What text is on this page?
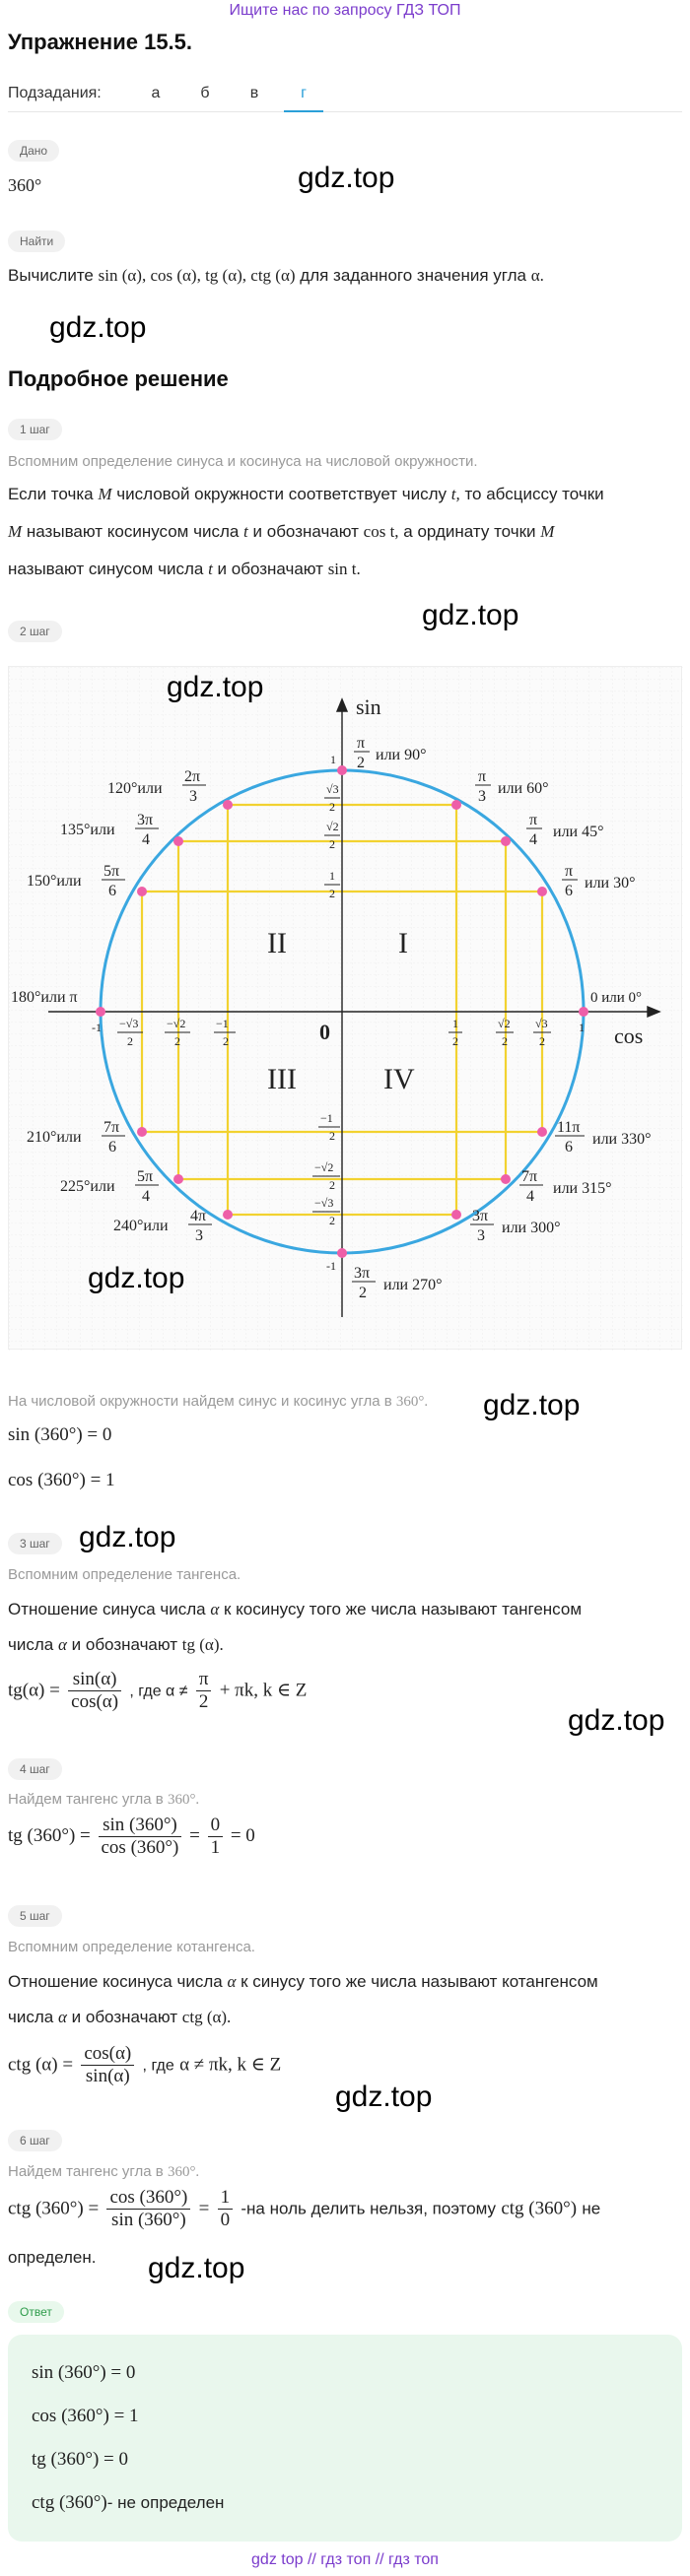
Ищите нас по запросу ГДЗ ТОП
Упражнение 15.5.
Подзадания:	а	б	в	г
Дано
360°	gdz.top
Найти
Вычислите sin (α), cos (α), tg (α), ctg (α) для заданного значения угла α.
gdz.top
Подробное решение
1 шаг
Вспомним определение синуса и косинуса на числовой окружности.
Если точка M числовой окружности соответствует числу t, то абсциссу точки
M называют косинусом числа t и обозначают cos t, а ординату точки M
называют синусом числа t и обозначают sin t.
2 шаг	gdz.top
sin
cos
0
I
II
III	IV
1
-1
-1	1
0 или 0°
180°или π
π
2 или 90°
3π
2 или 270°
π
3 или 60°
π
4 или 45°
π
6 или 30°
120°или
2π
3
135°или
3π
4
150°или
5π
6
210°или
7π
6
225°или
5π
4
240°или
4π
3
11π
6 или 330°
7π
4 или 315°
3π
3 или 300°
√3
2
√2
2
1
2
−1
2
−√2
2
−√3
2
1
2
√2
2
√3
2
−1
2
−√2
2
−√3
2
gdz.top
gdz.top
На числовой окружности найдем синус и косинус угла в 360°. gdz.top
sin (360°) = 0
cos (360°) = 1
3 шаг gdz.top
Вспомним определение тангенса.
Отношение синуса числа α к косинусу того же числа называют тангенсом
числа α и обозначают tg (α).
$tg(\alpha) = \frac{\sin(\alpha)}{\cos(\alpha)}$ , где $\alpha \ne \frac{\pi}{2} + \pi k$, k ∈ Z
gdz.top
4 шаг
Найдем тангенс угла в 360°.
tg $(360^\circ) = \frac{\sin (360^\circ)}{\cos (360^\circ)} = \frac{0}{1} = 0$
5 шаг
Вспомним определение котангенса.
Отношение косинуса числа α к синусу того же числа называют котангенсом
числа α и обозначают ctg (α).
ctg $(\alpha) = \frac{\cos(\alpha)}{\sin(\alpha)}$ , где α ≠ πk, k ∈ Z
gdz.top
6 шаг
Найдем тангенс угла в 360°.
ctg $(360^\circ) = \frac{\cos (360^\circ)}{\sin (360^\circ)} = \frac{1}{0} -на$ ноль делить нельзя, поэтому ctg (360°) не
определен. gdz.top
Ответ
sin (360°) = 0
cos (360°) = 1
tg (360°) = 0
ctg (360°)- не определен
gdz top // гдз топ // гдз топ
